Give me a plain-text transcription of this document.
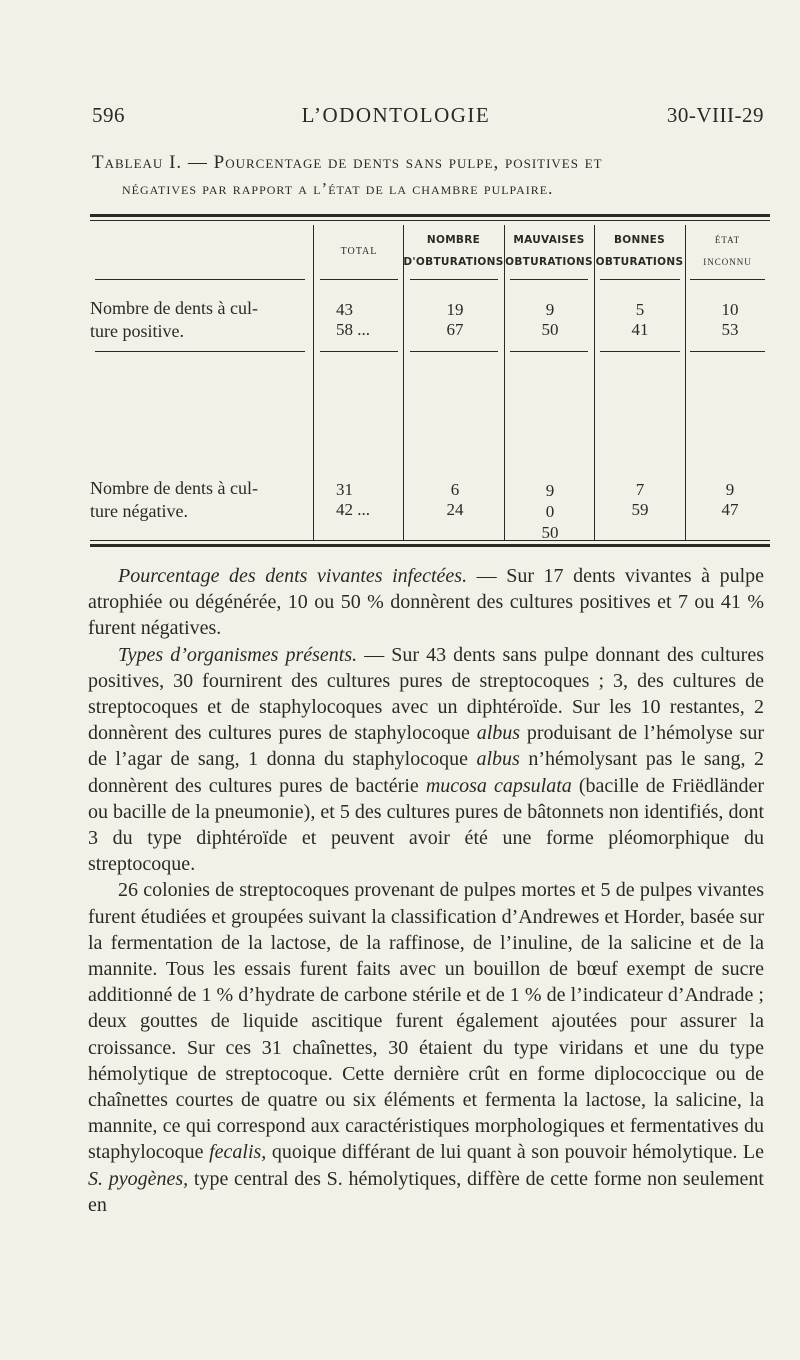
596	L’ODONTOLOGIE	30-VIII-29
Tableau I. — Pourcentage de dents sans pulpe, positives et
négatives par rapport a l’état de la chambre pulpaire.
TOTAL
NOMBRE
D'OBTURATIONS
MAUVAISES
OBTURATIONS
BONNES
OBTURATIONS
ÉTAT
INCONNU
Nombre de dents à cul-
ture positive.
43
58 ...
19
67
9
50
5
41
10
53
Nombre de dents à cul-
ture négative.
31
42 ...
6
24
9
0
50
7
59
9
47

Pourcentage des dents vivantes infectées. — Sur 17 dents vivantes à pulpe atrophiée ou dégénérée, 10 ou 50 % donnèrent des cultures positives et 7 ou 41 % furent négatives.

Types d’organismes présents. — Sur 43 dents sans pulpe donnant des cultures positives, 30 fournirent des cultures pures de streptocoques ; 3, des cultures de streptocoques et de staphylocoques avec un diphtéroïde. Sur les 10 restantes, 2 donnèrent des cultures pures de staphylocoque albus produisant de l’hémolyse sur de l’agar de sang, 1 donna du staphylocoque albus n’hémolysant pas le sang, 2 donnèrent des cultures pures de bactérie mucosa capsulata (bacille de Friëdländer ou bacille de la pneumonie), et 5 des cultures pures de bâtonnets non identifiés, dont 3 du type diphtéroïde et peuvent avoir été une forme pléomorphique du streptocoque.

26 colonies de streptocoques provenant de pulpes mortes et 5 de pulpes vivantes furent étudiées et groupées suivant la classification d’Andrewes et Horder, basée sur la fermentation de la lactose, de la raffinose, de l’inuline, de la salicine et de la mannite. Tous les essais furent faits avec un bouillon de bœuf exempt de sucre additionné de 1 % d’hydrate de carbone stérile et de 1 % de l’indicateur d’Andrade ; deux gouttes de liquide ascitique furent également ajoutées pour assurer la croissance. Sur ces 31 chaînettes, 30 étaient du type viridans et une du type hémolytique de streptocoque. Cette dernière crût en forme diplococcique ou de chaînettes courtes de quatre ou six éléments et fermenta la lactose, la salicine, la mannite, ce qui correspond aux caractéristiques morphologiques et fermentatives du staphylocoque fecalis, quoique différant de lui quant à son pouvoir hémolytique. Le S. pyogènes, type central des S. hémolytiques, diffère de cette forme non seulement en
